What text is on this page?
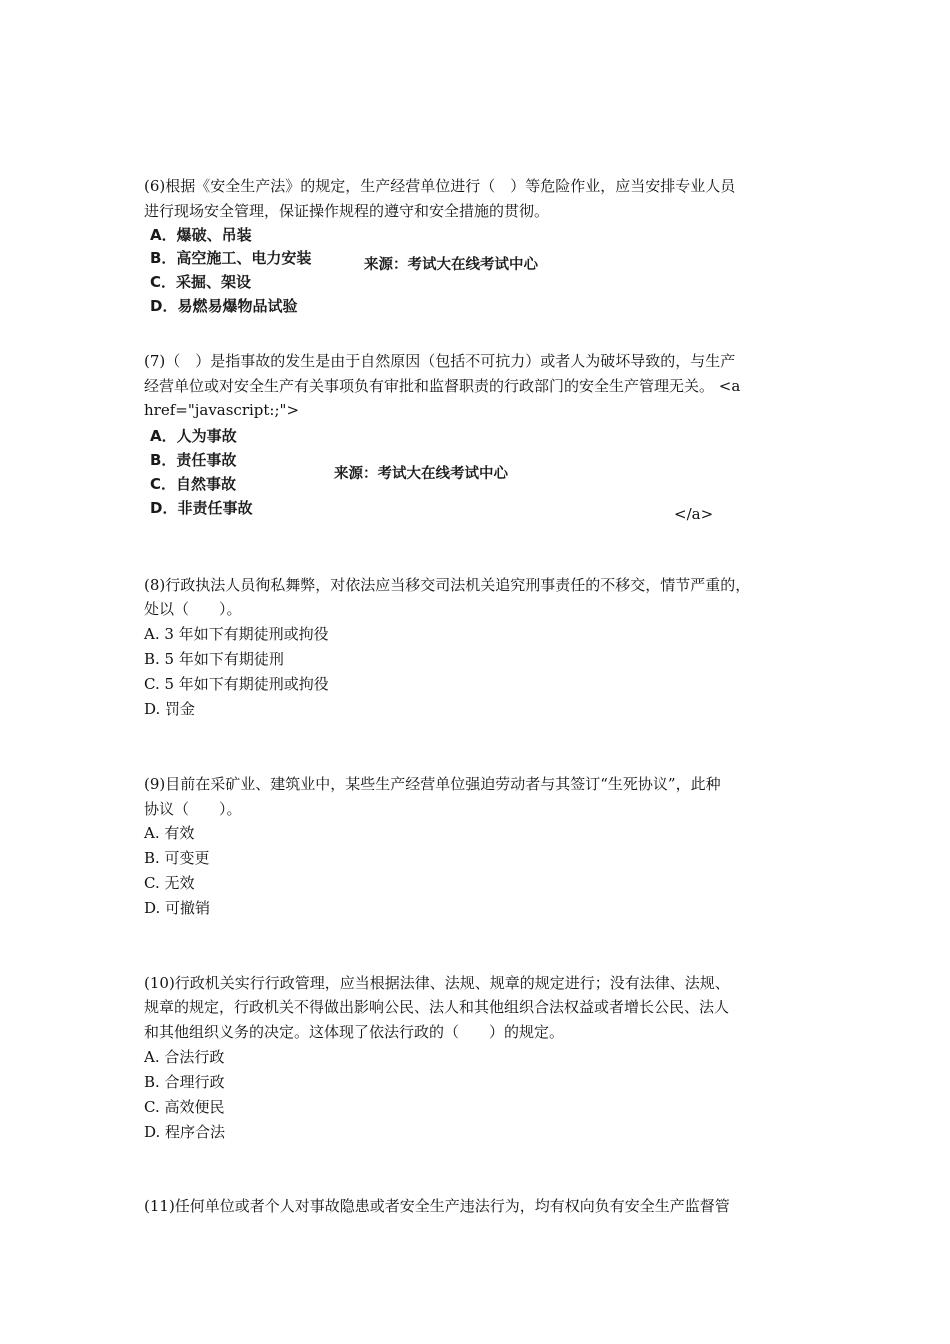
(6)根据《安全生产法》的规定，生产经营单位进行（　）等危险作业，应当安排专业人员
进行现场安全管理，保证操作规程的遵守和安全措施的贯彻。
A．爆破、吊装
B．高空施工、电力安装
C．采掘、架设
D．易燃易爆物品试验
来源：考试大在线考试中心
(7)（　）是指事故的发生是由于自然原因（包括不可抗力）或者人为破坏导致的，与生产
经营单位或对安全生产有关事项负有审批和监督职责的行政部门的安全生产管理无关。 <a
href="javascript:;">
A．人为事故
B．责任事故
C．自然事故
D．非责任事故
来源：考试大在线考试中心
</a>
(8)行政执法人员徇私舞弊，对依法应当移交司法机关追究刑事责任的不移交，情节严重的，
处以（　　）。
A. 3 年如下有期徒刑或拘役
B. 5 年如下有期徒刑
C. 5 年如下有期徒刑或拘役
D. 罚金
(9)目前在采矿业、建筑业中，某些生产经营单位强迫劳动者与其签订“生死协议”，此种
协议（　　）。
A. 有效
B. 可变更
C. 无效
D. 可撤销
(10)行政机关实行行政管理，应当根据法律、法规、规章的规定进行；没有法律、法规、
规章的规定，行政机关不得做出影响公民、法人和其他组织合法权益或者增长公民、法人
和其他组织义务的决定。这体现了依法行政的（　　）的规定。
A. 合法行政
B. 合理行政
C. 高效便民
D. 程序合法
(11)任何单位或者个人对事故隐患或者安全生产违法行为，均有权向负有安全生产监督管
